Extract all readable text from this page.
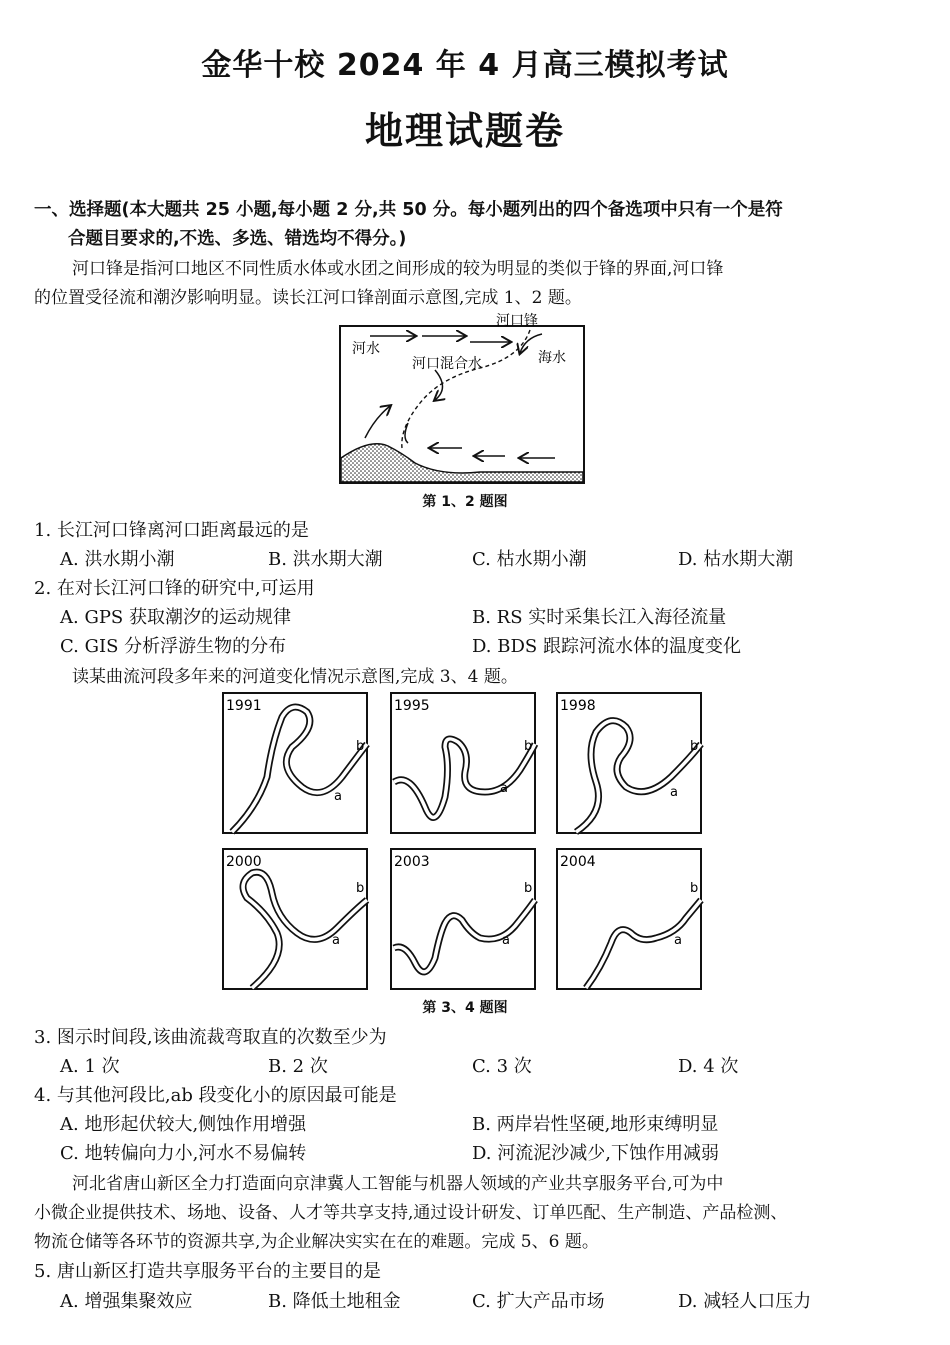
金华十校 2024 年 4 月高三模拟考试
地理试题卷
一、选择题(本大题共 25 小题,每小题 2 分,共 50 分。每小题列出的四个备选项中只有一个是符
合题目要求的,不选、多选、错选均不得分。)
河口锋是指河口地区不同性质水体或水团之间形成的较为明显的类似于锋的界面,河口锋
的位置受径流和潮汐影响明显。读长江河口锋剖面示意图,完成 1、2 题。
河口锋
河水
海水
河口混合水
第 1、2 题图
1. 长江河口锋离河口距离最远的是
A. 洪水期小潮	B. 洪水期大潮	C. 枯水期小潮	D. 枯水期大潮
2. 在对长江河口锋的研究中,可运用
A. GPS 获取潮汐的运动规律	B. RS 实时采集长江入海径流量
C. GIS 分析浮游生物的分布	D. BDS 跟踪河流水体的温度变化
读某曲流河段多年来的河道变化情况示意图,完成 3、4 题。
1991
b
a
1995
b
a
1998
b
a
2000
b
a
2003
b
a
2004
b
a
第 3、4 题图
3. 图示时间段,该曲流裁弯取直的次数至少为
A. 1 次	B. 2 次	C. 3 次	D. 4 次
4. 与其他河段比,ab 段变化小的原因最可能是
A. 地形起伏较大,侧蚀作用增强	B. 两岸岩性坚硬,地形束缚明显
C. 地转偏向力小,河水不易偏转	D. 河流泥沙减少,下蚀作用减弱
河北省唐山新区全力打造面向京津冀人工智能与机器人领域的产业共享服务平台,可为中
小微企业提供技术、场地、设备、人才等共享支持,通过设计研发、订单匹配、生产制造、产品检测、
物流仓储等各环节的资源共享,为企业解决实实在在的难题。完成 5、6 题。
5. 唐山新区打造共享服务平台的主要目的是
A. 增强集聚效应	B. 降低土地租金	C. 扩大产品市场	D. 减轻人口压力
